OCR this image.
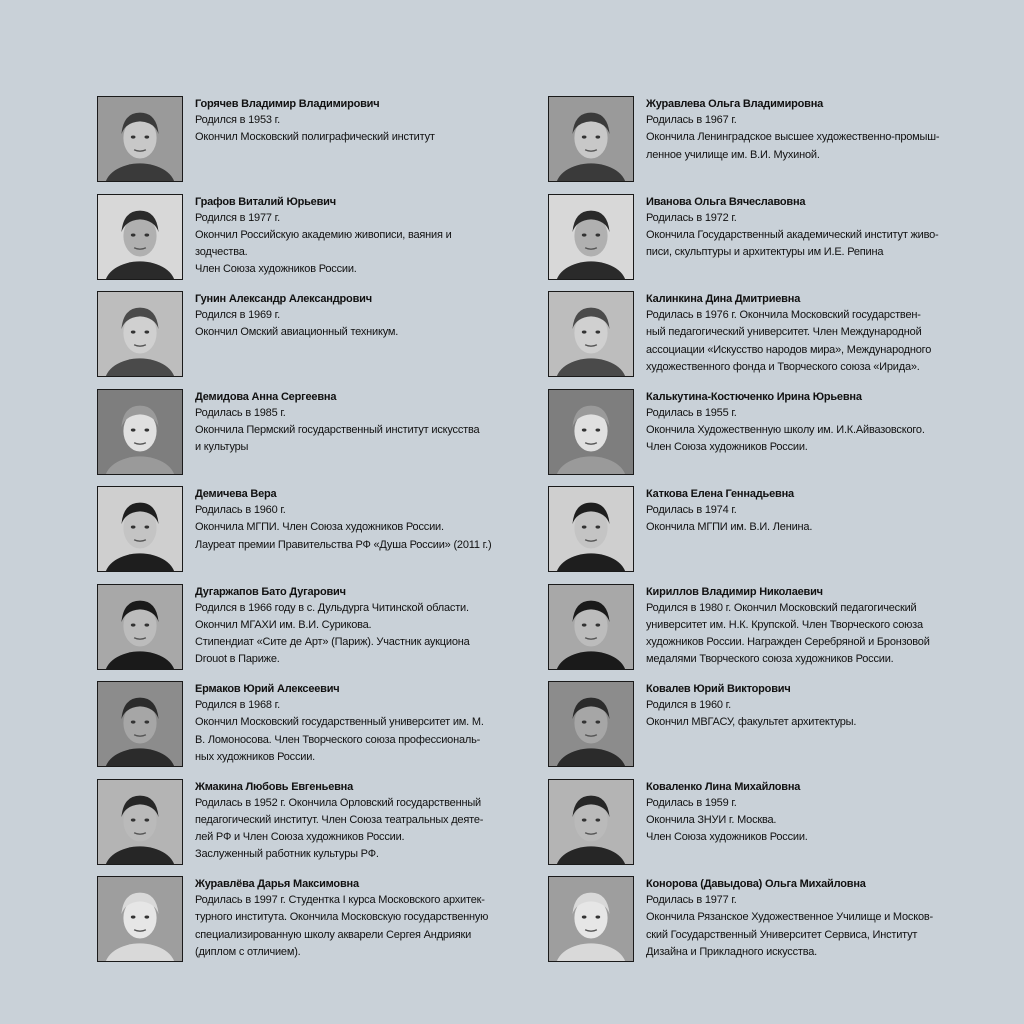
Горячев Владимир Владимирович
Родился в 1953 г.
Окончил Московский полиграфический институт
Графов Виталий Юрьевич
Родился в 1977 г.
Окончил Российскую академию живописи, ваяния и
зодчества.
Член Союза художников России.
Гунин Александр Александрович
Родился в 1969 г.
Окончил Омский авиационный техникум.
Демидова Анна Сергеевна
Родилась в 1985 г.
Окончила Пермский государственный институт искусства
и культуры
Демичева Вера
Родилась в 1960 г.
Окончила МГПИ. Член Союза художников России.
Лауреат премии Правительства РФ «Душа России» (2011 г.)
Дугаржапов Бато Дугарович
Родился в 1966 году в с. Дульдурга Читинской области.
Окончил МГАХИ им. В.И. Сурикова.
Стипендиат «Сите де Арт» (Париж). Участник аукциона
Drouot в Париже.
Ермаков Юрий Алексеевич
Родился в 1968 г.
Окончил Московский государственный университет им. М.
В. Ломоносова. Член Творческого союза профессиональ-
ных художников России.
Жмакина Любовь Евгеньевна
Родилась в 1952 г. Окончила Орловский государственный
педагогический институт. Член Союза театральных деяте-
лей РФ и Член Союза художников России.
Заслуженный работник культуры РФ.
Журавлёва Дарья Максимовна
Родилась в 1997 г. Студентка I курса Московского архитек-
турного института. Окончила Московскую государственную
специализированную школу акварели Сергея Андрияки
(диплом с отличием).
Журавлева Ольга Владимировна
Родилась в 1967 г.
Окончила Ленинградское высшее художественно-промыш-
ленное училище им. В.И. Мухиной.
Иванова Ольга Вячеславовна
Родилась в 1972 г.
Окончила Государственный академический институт живо-
писи, скульптуры и архитектуры им И.Е. Репина
Калинкина Дина Дмитриевна
Родилась в 1976 г. Окончила Московский государствен-
ный педагогический университет. Член Международной
ассоциации «Искусство народов мира», Международного
художественного фонда и Творческого союза «Ирида».
Калькутина-Костюченко Ирина Юрьевна
Родилась в 1955 г.
Окончила Художественную школу им. И.К.Айвазовского.
Член Союза художников России.
Каткова Елена Геннадьевна
Родилась в 1974 г.
Окончила МГПИ им. В.И. Ленина.
Кириллов Владимир Николаевич
Родился в 1980 г. Окончил Московский педагогический
университет им. Н.К. Крупской. Член Творческого союза
художников России. Награжден Серебряной и Бронзовой
медалями Творческого союза художников России.
Ковалев Юрий Викторович
Родился в 1960 г.
Окончил МВГАСУ, факультет архитектуры.
Коваленко Лина Михайловна
Родилась в 1959 г.
Окончила ЗНУИ г. Москва.
Член Союза художников России.
Конорова (Давыдова) Ольга Михайловна
Родилась в 1977 г.
Окончила Рязанское Художественное Училище и Москов-
ский Государственный Университет Сервиса, Институт
Дизайна и Прикладного искусства.
